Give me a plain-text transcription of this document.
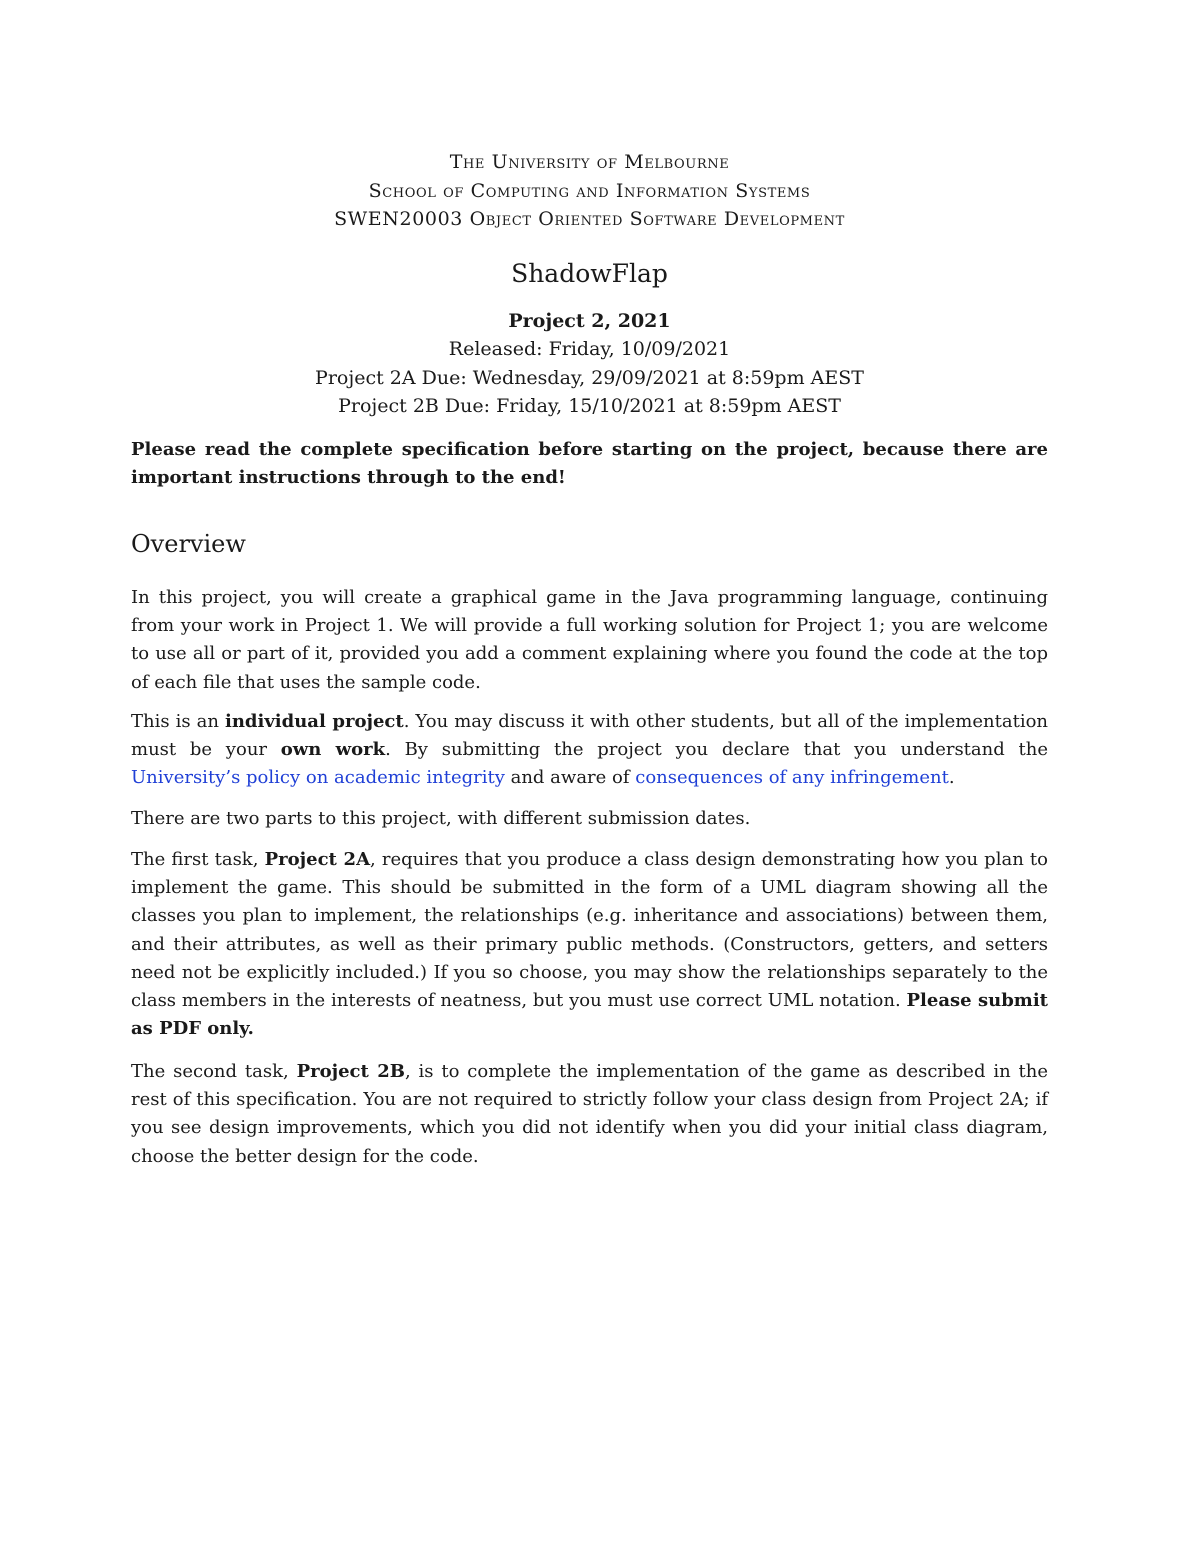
The University of Melbourne
School of Computing and Information Systems
SWEN20003 Object Oriented Software Development
ShadowFlap
Project 2, 2021
Released: Friday, 10/09/2021
Project 2A Due: Wednesday, 29/09/2021 at 8:59pm AEST
Project 2B Due: Friday, 15/10/2021 at 8:59pm AEST

Please read the complete specification before starting on the project, because there are important instructions through to the end!

Overview

In this project, you will create a graphical game in the Java programming language, continuing from your work in Project 1. We will provide a full working solution for Project 1; you are welcome to use all or part of it, provided you add a comment explaining where you found the code at the top of each file that uses the sample code.

This is an individual project. You may discuss it with other students, but all of the implementation must be your own work. By submitting the project you declare that you understand the University’s policy on academic integrity and aware of consequences of any infringement.

There are two parts to this project, with different submission dates.

The first task, Project 2A, requires that you produce a class design demonstrating how you plan to implement the game. This should be submitted in the form of a UML diagram showing all the classes you plan to implement, the relationships (e.g. inheritance and associations) between them, and their attributes, as well as their primary public methods. (Constructors, getters, and setters need not be explicitly included.) If you so choose, you may show the relationships separately to the class members in the interests of neatness, but you must use correct UML notation. Please submit as PDF only.

The second task, Project 2B, is to complete the implementation of the game as described in the rest of this specification. You are not required to strictly follow your class design from Project 2A; if you see design improvements, which you did not identify when you did your initial class diagram, choose the better design for the code.
